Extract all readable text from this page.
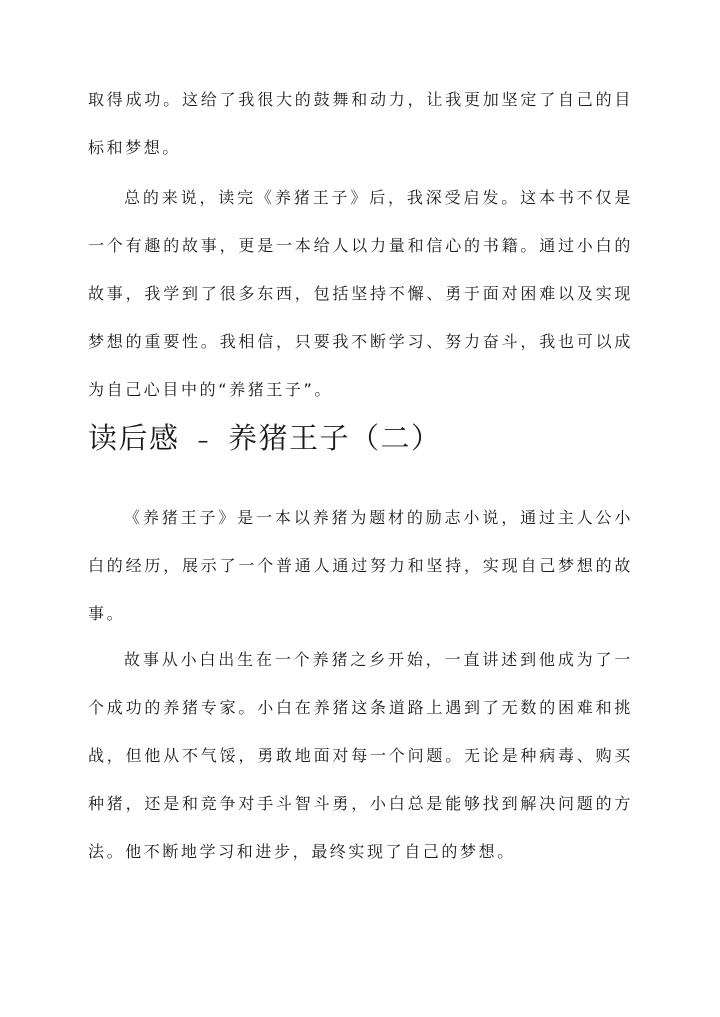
取得成功。这给了我很大的鼓舞和动力，让我更加坚定了自己的目标和梦想。

总的来说，读完《养猪王子》后，我深受启发。这本书不仅是一个有趣的故事，更是一本给人以力量和信心的书籍。通过小白的故事，我学到了很多东西，包括坚持不懈、勇于面对困难以及实现梦想的重要性。我相信，只要我不断学习、努力奋斗，我也可以成为自己心目中的“养猪王子”。

读后感 – 养猪王子（二）

《养猪王子》是一本以养猪为题材的励志小说，通过主人公小白的经历，展示了一个普通人通过努力和坚持，实现自己梦想的故事。

故事从小白出生在一个养猪之乡开始，一直讲述到他成为了一个成功的养猪专家。小白在养猪这条道路上遇到了无数的困难和挑战，但他从不气馁，勇敢地面对每一个问题。无论是种病毒、购买种猪，还是和竞争对手斗智斗勇，小白总是能够找到解决问题的方法。他不断地学习和进步，最终实现了自己的梦想。
